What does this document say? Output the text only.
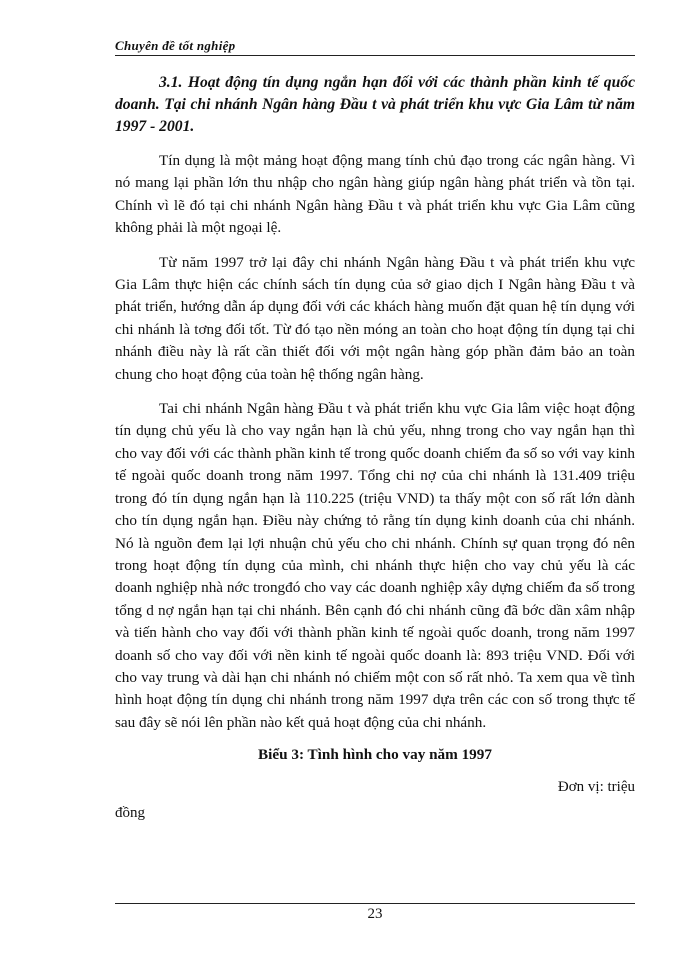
Chuyên đề tốt nghiệp

3.1. Hoạt động tín dụng ngắn hạn đối với các thành phần kinh tế quốc doanh. Tại chi nhánh Ngân hàng Đầu t và phát triển khu vực Gia Lâm từ năm 1997 - 2001.

Tín dụng là một mảng hoạt động mang tính chủ đạo trong các ngân hàng. Vì nó mang lại phần lớn thu nhập cho ngân hàng giúp ngân hàng phát triển và tồn tại. Chính vì lẽ đó tại chi nhánh Ngân hàng Đầu t và phát triển khu vực Gia Lâm cũng không phải là một ngoại lệ.

Từ năm 1997 trở lại đây chi nhánh Ngân hàng Đầu t và phát triển khu vực Gia Lâm thực hiện các chính sách tín dụng của sở giao dịch I Ngân hàng Đầu t và phát triển, hướng dẫn áp dụng đối với các khách hàng muốn đặt quan hệ tín dụng với chi nhánh là tơng đối tốt. Từ đó tạo nền móng an toàn cho hoạt động tín dụng tại chi nhánh điều này là rất cần thiết đối với một ngân hàng góp phần đảm bảo an toàn chung cho hoạt động của toàn hệ thống ngân hàng.

Tai chi nhánh Ngân hàng Đầu t và phát triển khu vực Gia lâm việc hoạt động tín dụng chủ yếu là cho vay ngắn hạn là chủ yếu, nhng trong cho vay ngắn hạn thì cho vay đối với các thành phần kinh tế trong quốc doanh chiếm đa số so với vay kinh tế ngoài quốc doanh trong năm 1997. Tổng chi nợ của chi nhánh là 131.409 triệu trong đó tín dụng ngắn hạn là 110.225 (triệu VND) ta thấy một con số rất lớn dành cho tín dụng ngắn hạn. Điều này chứng tỏ rằng tín dụng kinh doanh của chi nhánh. Nó là nguồn đem lại lợi nhuận chủ yếu cho chi nhánh. Chính sự quan trọng đó nên trong hoạt động tín dụng của mình, chi nhánh thực hiện cho vay chủ yếu là các doanh nghiệp nhà nớc trongđó cho vay các doanh nghiệp xây dựng chiếm đa số trong tổng d nợ ngắn hạn tại chi nhánh. Bên cạnh đó chi nhánh cũng đã bớc dần xâm nhập và tiến hành cho vay đối với thành phần kinh tế ngoài quốc doanh, trong năm 1997 doanh số cho vay đối với nền kinh tế ngoài quốc doanh là: 893 triệu VND. Đối với cho vay trung và dài hạn chi nhánh nó chiếm một con số rất nhỏ. Ta xem qua về tình hình hoạt động tín dụng chi nhánh trong năm 1997 dựa trên các con số trong thực tế sau đây sẽ nói lên phần nào kết quả hoạt động của chi nhánh.

Biểu 3: Tình hình cho vay năm 1997
Đơn vị: triệu
đồng
23
